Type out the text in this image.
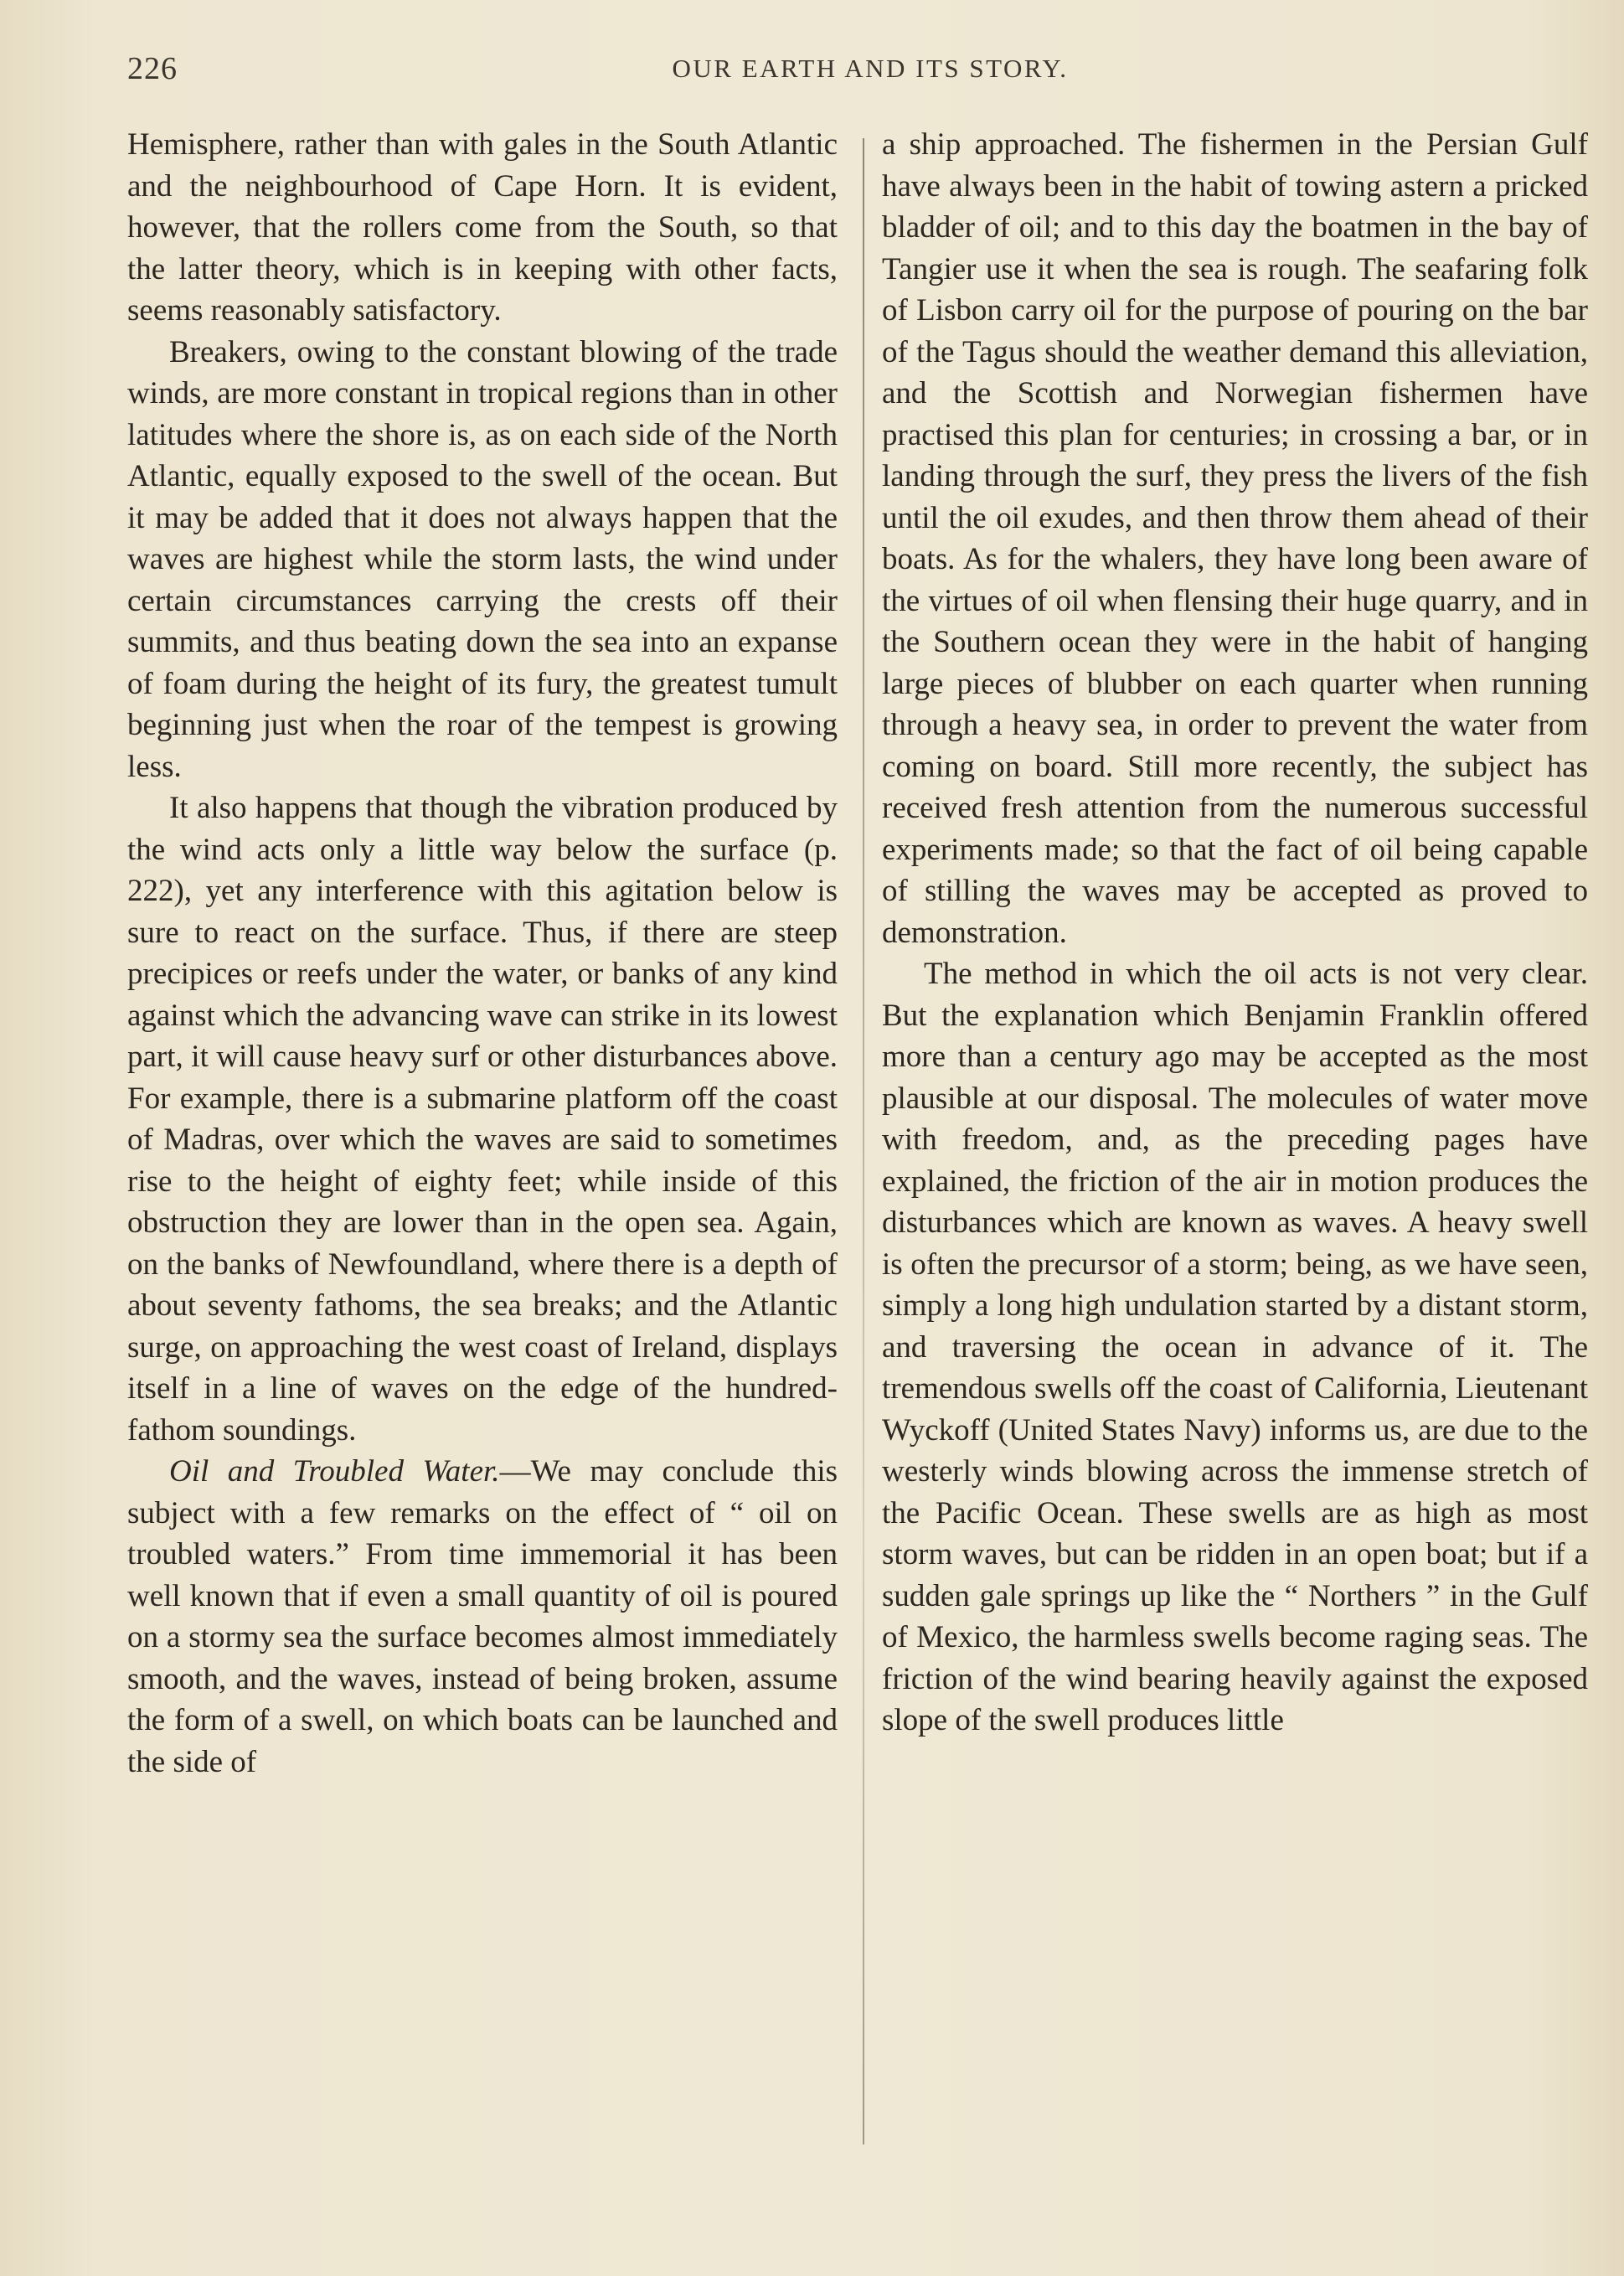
226	OUR EARTH AND ITS STORY.

Hemisphere, rather than with gales in the South Atlantic and the neighbourhood of Cape Horn. It is evident, however, that the rollers come from the South, so that the latter theory, which is in keeping with other facts, seems reasonably satisfactory.

Breakers, owing to the constant blowing of the trade winds, are more constant in tropical regions than in other latitudes where the shore is, as on each side of the North Atlantic, equally exposed to the swell of the ocean. But it may be added that it does not always happen that the waves are highest while the storm lasts, the wind under certain circumstances carrying the crests off their summits, and thus beating down the sea into an expanse of foam during the height of its fury, the greatest tumult beginning just when the roar of the tempest is growing less.

It also happens that though the vibration produced by the wind acts only a little way below the surface (p. 222), yet any interference with this agitation below is sure to react on the surface. Thus, if there are steep precipices or reefs under the water, or banks of any kind against which the advancing wave can strike in its lowest part, it will cause heavy surf or other disturbances above. For example, there is a submarine platform off the coast of Madras, over which the waves are said to sometimes rise to the height of eighty feet; while inside of this obstruction they are lower than in the open sea. Again, on the banks of Newfoundland, where there is a depth of about seventy fathoms, the sea breaks; and the Atlantic surge, on approaching the west coast of Ireland, displays itself in a line of waves on the edge of the hundred-fathom soundings.

Oil and Troubled Water.—We may conclude this subject with a few remarks on the effect of “ oil on troubled waters.” From time immemorial it has been well known that if even a small quantity of oil is poured on a stormy sea the surface becomes almost immediately smooth, and the waves, instead of being broken, assume the form of a swell, on which boats can be launched and the side of

a ship approached. The fishermen in the Persian Gulf have always been in the habit of towing astern a pricked bladder of oil; and to this day the boatmen in the bay of Tangier use it when the sea is rough. The seafaring folk of Lisbon carry oil for the purpose of pouring on the bar of the Tagus should the weather demand this alleviation, and the Scottish and Norwegian fishermen have practised this plan for centuries; in crossing a bar, or in landing through the surf, they press the livers of the fish until the oil exudes, and then throw them ahead of their boats. As for the whalers, they have long been aware of the virtues of oil when flensing their huge quarry, and in the Southern ocean they were in the habit of hanging large pieces of blubber on each quarter when running through a heavy sea, in order to prevent the water from coming on board. Still more recently, the subject has received fresh attention from the numerous successful experiments made; so that the fact of oil being capable of stilling the waves may be accepted as proved to demonstration.

The method in which the oil acts is not very clear. But the explanation which Benjamin Franklin offered more than a century ago may be accepted as the most plausible at our disposal. The molecules of water move with freedom, and, as the preceding pages have explained, the friction of the air in motion produces the disturbances which are known as waves. A heavy swell is often the precursor of a storm; being, as we have seen, simply a long high undulation started by a distant storm, and traversing the ocean in advance of it. The tremendous swells off the coast of California, Lieutenant Wyckoff (United States Navy) informs us, are due to the westerly winds blowing across the immense stretch of the Pacific Ocean. These swells are as high as most storm waves, but can be ridden in an open boat; but if a sudden gale springs up like the “ Northers ” in the Gulf of Mexico, the harmless swells become raging seas. The friction of the wind bearing heavily against the exposed slope of the swell produces little
